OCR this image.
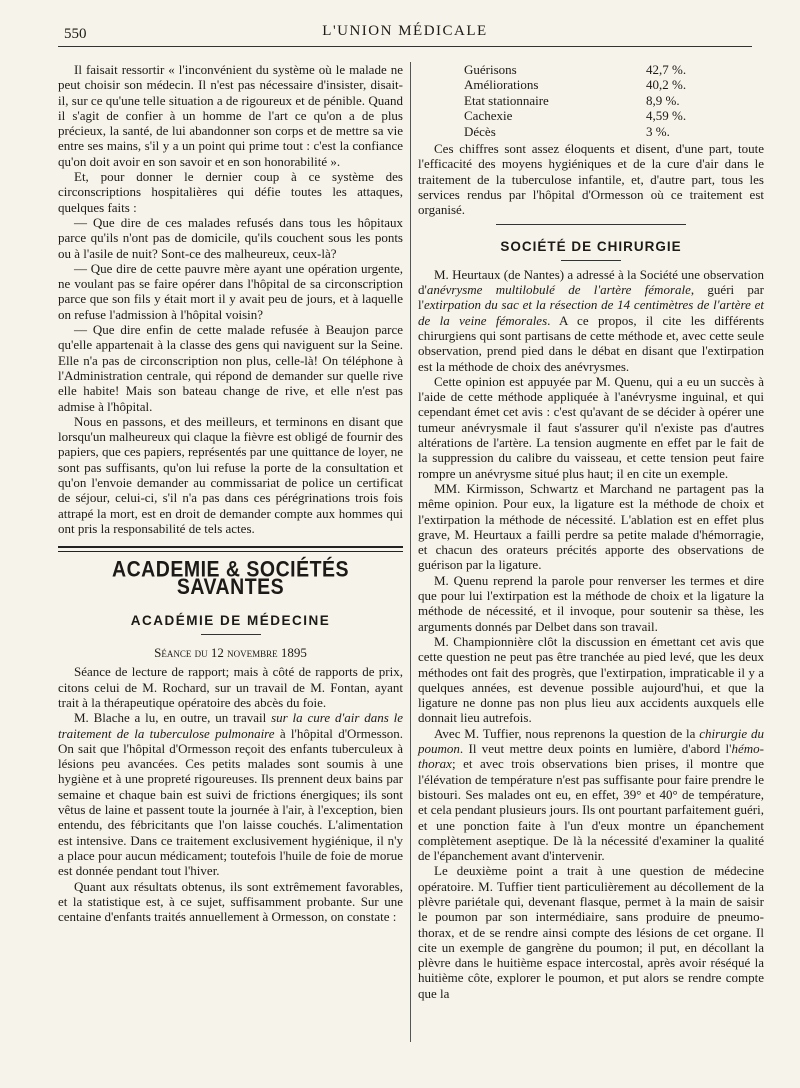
550	L'UNION MÉDICALE

Il faisait ressortir « l'inconvénient du système où le malade ne peut choisir son médecin. Il n'est pas nécessaire d'insister, disait-il, sur ce qu'une telle situation a de rigoureux et de pénible. Quand il s'agit de confier à un homme de l'art ce qu'on a de plus précieux, la santé, de lui abandonner son corps et de mettre sa vie entre ses mains, s'il y a un point qui prime tout : c'est la confiance qu'on doit avoir en son savoir et en son honorabilité ».

Et, pour donner le dernier coup à ce système des circonscriptions hospitalières qui défie toutes les attaques, quelques faits :

— Que dire de ces malades refusés dans tous les hôpitaux parce qu'ils n'ont pas de domicile, qu'ils couchent sous les ponts ou à l'asile de nuit? Sont-ce des malheureux, ceux-là?

— Que dire de cette pauvre mère ayant une opération urgente, ne voulant pas se faire opérer dans l'hôpital de sa circonscription parce que son fils y était mort il y avait peu de jours, et à laquelle on refuse l'admission à l'hôpital voisin?

— Que dire enfin de cette malade refusée à Beaujon parce qu'elle appartenait à la classe des gens qui naviguent sur la Seine. Elle n'a pas de circonscription non plus, celle-là! On téléphone à l'Administration centrale, qui répond de demander sur quelle rive elle habite! Mais son bateau change de rive, et elle n'est pas admise à l'hôpital.

Nous en passons, et des meilleurs, et terminons en disant que lorsqu'un malheureux qui claque la fièvre est obligé de fournir des papiers, que ces papiers, représentés par une quittance de loyer, ne sont pas suffisants, qu'on lui refuse la porte de la consultation et qu'on l'envoie demander au commissariat de police un certificat de séjour, celui-ci, s'il n'a pas dans ces pérégrinations trois fois attrapé la mort, est en droit de demander compte aux hommes qui ont pris la responsabilité de tels actes.

ACADEMIE & SOCIÉTÉS SAVANTES
ACADÉMIE DE MÉDECINE
Séance du 12 novembre 1895

Séance de lecture de rapport; mais à côté de rapports de prix, citons celui de M. Rochard, sur un travail de M. Fontan, ayant trait à la thérapeutique opératoire des abcès du foie.

M. Blache a lu, en outre, un travail sur la cure d'air dans le traitement de la tuberculose pulmonaire à l'hôpital d'Ormesson. On sait que l'hôpital d'Ormesson reçoit des enfants tuberculeux à lésions peu avancées. Ces petits malades sont soumis à une hygiène et à une propreté rigoureuses. Ils prennent deux bains par semaine et chaque bain est suivi de frictions énergiques; ils sont vêtus de laine et passent toute la journée à l'air, à l'exception, bien entendu, des fébricitants que l'on laisse couchés. L'alimentation est intensive. Dans ce traitement exclusivement hygiénique, il n'y a place pour aucun médicament; toutefois l'huile de foie de morue est donnée pendant tout l'hiver.

Quant aux résultats obtenus, ils sont extrêmement favorables, et la statistique est, à ce sujet, suffisamment probante. Sur une centaine d'enfants traités annuellement à Ormesson, on constate :

Guérisons	42,7 %.
Améliorations	40,2 %.
Etat stationnaire	8,9 %.
Cachexie	4,59 %.
Décès	3 %.

Ces chiffres sont assez éloquents et disent, d'une part, toute l'efficacité des moyens hygiéniques et de la cure d'air dans le traitement de la tuberculose infantile, et, d'autre part, tous les services rendus par l'hôpital d'Ormesson où ce traitement est organisé.

SOCIÉTÉ DE CHIRURGIE

M. Heurtaux (de Nantes) a adressé à la Société une observation d'anévrysme multilobulé de l'artère fémorale, guéri par l'extirpation du sac et la résection de 14 centimètres de l'artère et de la veine fémorales. A ce propos, il cite les différents chirurgiens qui sont partisans de cette méthode et, avec cette seule observation, prend pied dans le débat en disant que l'extirpation est la méthode de choix des anévrysmes.

Cette opinion est appuyée par M. Quenu, qui a eu un succès à l'aide de cette méthode appliquée à l'anévrysme inguinal, et qui cependant émet cet avis : c'est qu'avant de se décider à opérer une tumeur anévrysmale il faut s'assurer qu'il n'existe pas d'autres altérations de l'artère. La tension augmente en effet par le fait de la suppression du calibre du vaisseau, et cette tension peut faire rompre un anévrysme situé plus haut; il en cite un exemple.

MM. Kirmisson, Schwartz et Marchand ne partagent pas la même opinion. Pour eux, la ligature est la méthode de choix et l'extirpation la méthode de nécessité. L'ablation est en effet plus grave, M. Heurtaux a failli perdre sa petite malade d'hémorragie, et chacun des orateurs précités apporte des observations de guérison par la ligature.

M. Quenu reprend la parole pour renverser les termes et dire que pour lui l'extirpation est la méthode de choix et la ligature la méthode de nécessité, et il invoque, pour soutenir sa thèse, les arguments donnés par Delbet dans son travail.

M. Championnière clôt la discussion en émettant cet avis que cette question ne peut pas être tranchée au pied levé, que les deux méthodes ont fait des progrès, que l'extirpation, impraticable il y a quelques années, est devenue possible aujourd'hui, et que la ligature ne donne pas non plus lieu aux accidents auxquels elle donnait lieu autrefois.

Avec M. Tuffier, nous reprenons la question de la chirurgie du poumon. Il veut mettre deux points en lumière, d'abord l'hémo-thorax; et avec trois observations bien prises, il montre que l'élévation de température n'est pas suffisante pour faire prendre le bistouri. Ses malades ont eu, en effet, 39° et 40° de température, et cela pendant plusieurs jours. Ils ont pourtant parfaitement guéri, et une ponction faite à l'un d'eux montre un épanchement complètement aseptique. De là la nécessité d'examiner la qualité de l'épanchement avant d'intervenir.

Le deuxième point a trait à une question de médecine opératoire. M. Tuffier tient particulièrement au décollement de la plèvre pariétale qui, devenant flasque, permet à la main de saisir le poumon par son intermédiaire, sans produire de pneumo-thorax, et de se rendre ainsi compte des lésions de cet organe. Il cite un exemple de gangrène du poumon; il put, en décollant la plèvre dans le huitième espace intercostal, après avoir réséqué la huitième côte, explorer le poumon, et put alors se rendre compte que la
